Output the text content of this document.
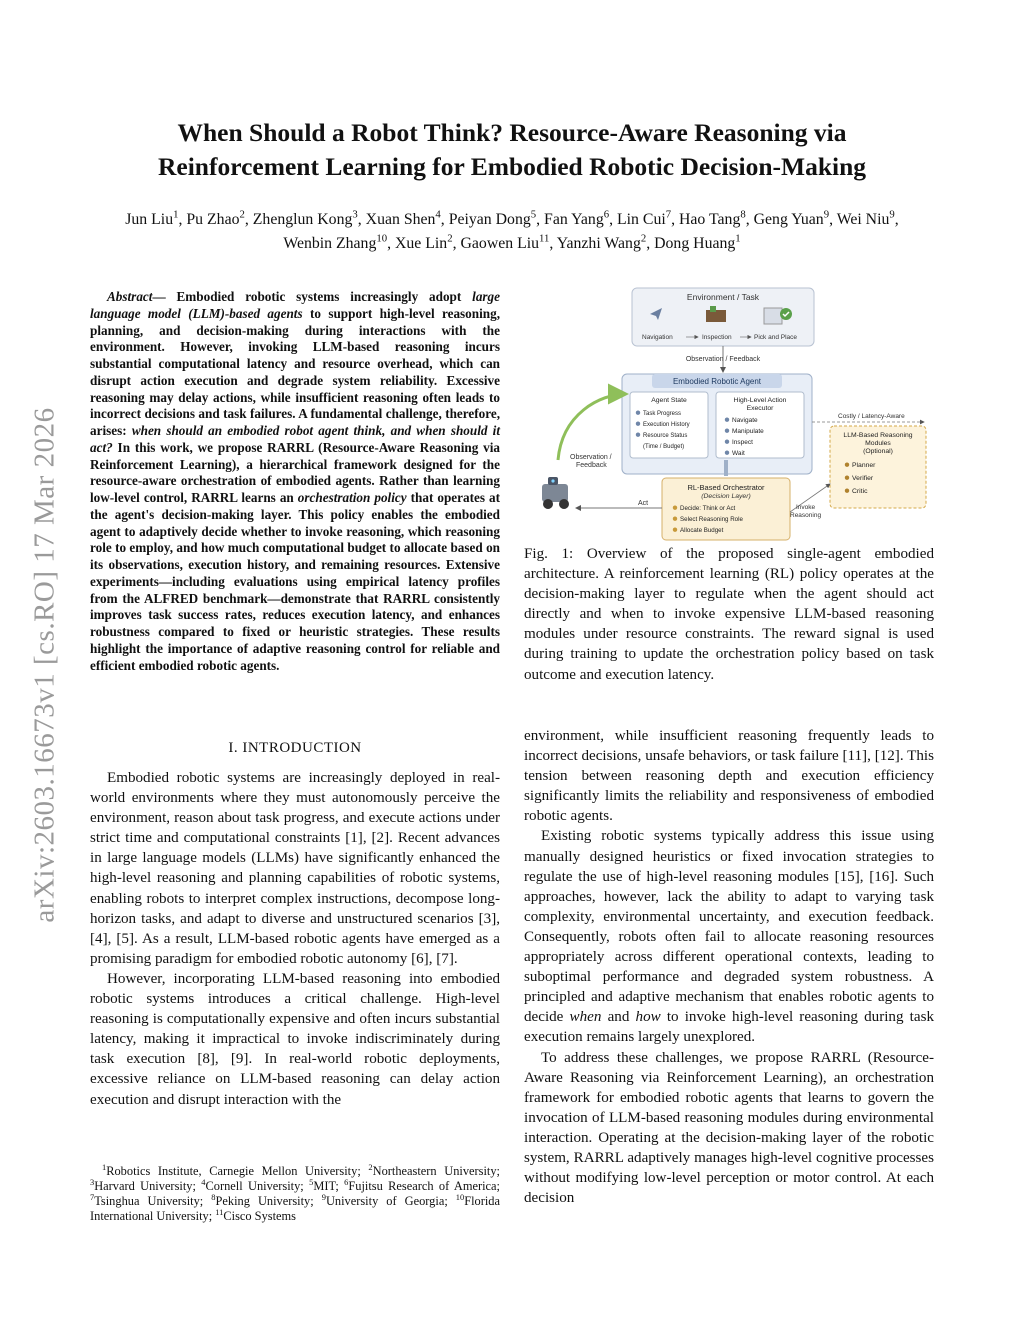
arXiv:2603.16673v1 [cs.RO] 17 Mar 2026
When Should a Robot Think? Resource-Aware Reasoning via
Reinforcement Learning for Embodied Robotic Decision-Making
Jun Liu$^1$, Pu Zhao$^2$, Zhenglun Kong$^3$, Xuan Shen$^4$, Peiyan Dong$^5$, Fan Yang$^6$, Lin Cui$^7$, Hao Tang$^8$, Geng Yuan$^9$, Wei Niu$^9$, Wenbin Zhang$^{10}$, Xue Lin$^2$, Gaowen Liu$^{11}$, Yanzhi Wang$^2$, Dong Huang$^1$
Abstract— Embodied robotic systems increasingly adopt large language model (LLM)-based agents to support high-level reasoning, planning, and decision-making during interactions with the environment. However, invoking LLM-based reasoning incurs substantial computational latency and resource overhead, which can disrupt action execution and degrade system reliability. Excessive reasoning may delay actions, while insufficient reasoning often leads to incorrect decisions and task failures. A fundamental challenge, therefore, arises: when should an embodied robot agent think, and when should it act? In this work, we propose RARRL (Resource-Aware Reasoning via Reinforcement Learning), a hierarchical framework designed for the resource-aware orchestration of embodied agents. Rather than learning low-level control, RARRL learns an orchestration policy that operates at the agent's decision-making layer. This policy enables the embodied agent to adaptively decide whether to invoke reasoning, which reasoning role to employ, and how much computational budget to allocate based on its observations, execution history, and remaining resources. Extensive experiments—including evaluations using empirical latency profiles from the ALFRED benchmark—demonstrate that RARRL consistently improves task success rates, reduces execution latency, and enhances robustness compared to fixed or heuristic strategies. These results highlight the importance of adaptive reasoning control for reliable and efficient embodied robotic agents.
I. INTRODUCTION

Embodied robotic systems are increasingly deployed in real-world environments where they must autonomously perceive the environment, reason about task progress, and execute actions under strict time and computational constraints [1], [2]. Recent advances in large language models (LLMs) have significantly enhanced the high-level reasoning and planning capabilities of robotic systems, enabling robots to interpret complex instructions, decompose long-horizon tasks, and adapt to diverse and unstructured scenarios [3], [4], [5]. As a result, LLM-based robotic agents have emerged as a promising paradigm for embodied robotic autonomy [6], [7].

However, incorporating LLM-based reasoning into embodied robotic systems introduces a critical challenge. High-level reasoning is computationally expensive and often incurs substantial latency, making it impractical to invoke indiscriminately during task execution [8], [9]. In real-world robotic deployments, excessive reliance on LLM-based reasoning can delay action execution and disrupt interaction with the

$^1$Robotics Institute, Carnegie Mellon University; $^2$Northeastern University; $^3$Harvard University; $^4$Cornell University; $^5$MIT; $^6$Fujitsu Research of America; $^7$Tsinghua University; $^8$Peking University; $^9$University of Georgia; $^{10}$Florida International University; $^{11}$Cisco Systems

Environment / Task
Navigation	Inspection	Pick and Place
Observation / Feedback
Embodied Robotic Agent
Agent State
Task Progress
Execution History
Resource Status
(Time / Budget)
High-Level Action
Executor
Navigate
Manipulate
Inspect
Wait
Costly / Latency-Aware
LLM-Based Reasoning
Modules
(Optional)
Planner
Verifier
Critic
Observation /
Feedback
RL-Based Orchestrator
(Decision Layer)
Decide: Think or Act
Select Reasoning Role
Allocate Budget
Act
Invoke
Reasoning
Fig. 1: Overview of the proposed single-agent embodied architecture. A reinforcement learning (RL) policy operates at the decision-making layer to regulate when the agent should act directly and when to invoke expensive LLM-based reasoning modules under resource constraints. The reward signal is used during training to update the orchestration policy based on task outcome and execution latency.

environment, while insufficient reasoning frequently leads to incorrect decisions, unsafe behaviors, or task failure [11], [12]. This tension between reasoning depth and execution efficiency significantly limits the reliability and responsiveness of embodied robotic agents.

Existing robotic systems typically address this issue using manually designed heuristics or fixed invocation strategies to regulate the use of high-level reasoning modules [15], [16]. Such approaches, however, lack the ability to adapt to varying task complexity, environmental uncertainty, and execution feedback. Consequently, robots often fail to allocate reasoning resources appropriately across different operational contexts, leading to suboptimal performance and degraded system robustness. A principled and adaptive mechanism that enables robotic agents to decide when and how to invoke high-level reasoning during task execution remains largely unexplored.

To address these challenges, we propose RARRL (Resource-Aware Reasoning via Reinforcement Learning), an orchestration framework for embodied robotic agents that learns to govern the invocation of LLM-based reasoning modules during environmental interaction. Operating at the decision-making layer of the robotic system, RARRL adaptively manages high-level cognitive processes without modifying low-level perception or motor control. At each decision
